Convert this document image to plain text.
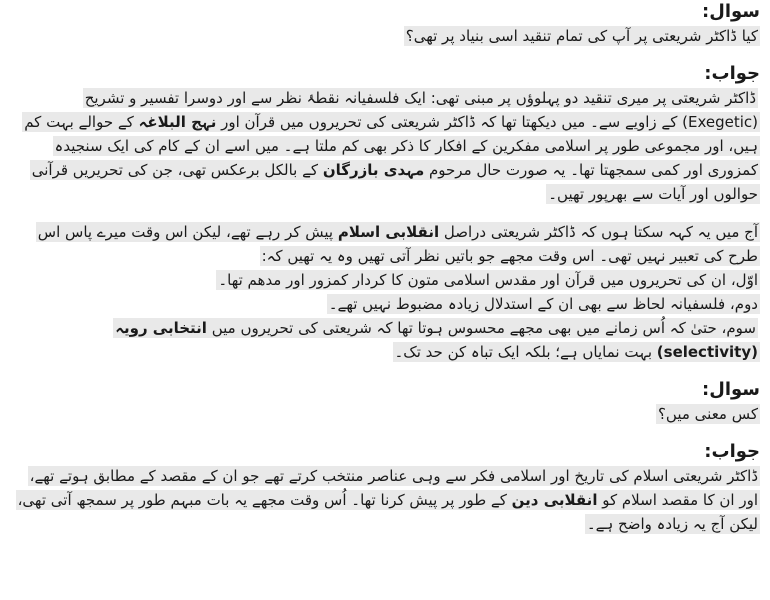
سوال:

کیا ڈاکٹر شریعتی پر آپ کی تمام تنقید اسی بنیاد پر تھی؟

جواب:

ڈاکٹر شریعتی پر میری تنقید دو پہلوؤں پر مبنی تھی: ایک فلسفیانہ نقطۂ نظر سے اور دوسرا تفسیر و تشریح (Exegetic) کے زاویے سے۔ میں دیکھتا تھا کہ ڈاکٹر شریعتی کی تحریروں میں قرآن اور نہج البلاغہ کے حوالے بہت کم ہیں، اور مجموعی طور پر اسلامی مفکرین کے افکار کا ذکر بھی کم ملتا ہے۔ میں اسے ان کے کام کی ایک سنجیدہ کمزوری اور کمی سمجھتا تھا۔ یہ صورت حال مرحوم مہدی بازرگان کے بالکل برعکس تھی، جن کی تحریریں قرآنی حوالوں اور آیات سے بھرپور تھیں۔

آج میں یہ کہہ سکتا ہوں کہ ڈاکٹر شریعتی دراصل انقلابی اسلام پیش کر رہے تھے، لیکن اس وقت میرے پاس اس طرح کی تعبیر نہیں تھی۔ اس وقت مجھے جو باتیں نظر آتی تھیں وہ یہ تھیں کہ:
اوّل، ان کی تحریروں میں قرآن اور مقدس اسلامی متون کا کردار کمزور اور مدھم تھا۔
دوم، فلسفیانہ لحاظ سے بھی ان کے استدلال زیادہ مضبوط نہیں تھے۔
سوم، حتیٰ کہ اُس زمانے میں بھی مجھے محسوس ہوتا تھا کہ شریعتی کی تحریروں میں انتخابی رویہ (selectivity) بہت نمایاں ہے؛ بلکہ ایک تباہ کن حد تک۔

سوال:

کس معنی میں؟

جواب:

ڈاکٹر شریعتی اسلام کی تاریخ اور اسلامی فکر سے وہی عناصر منتخب کرتے تھے جو ان کے مقصد کے مطابق ہوتے تھے، اور ان کا مقصد اسلام کو انقلابی دین کے طور پر پیش کرنا تھا۔ اُس وقت مجھے یہ بات مبہم طور پر سمجھ آتی تھی، لیکن آج یہ زیادہ واضح ہے۔
